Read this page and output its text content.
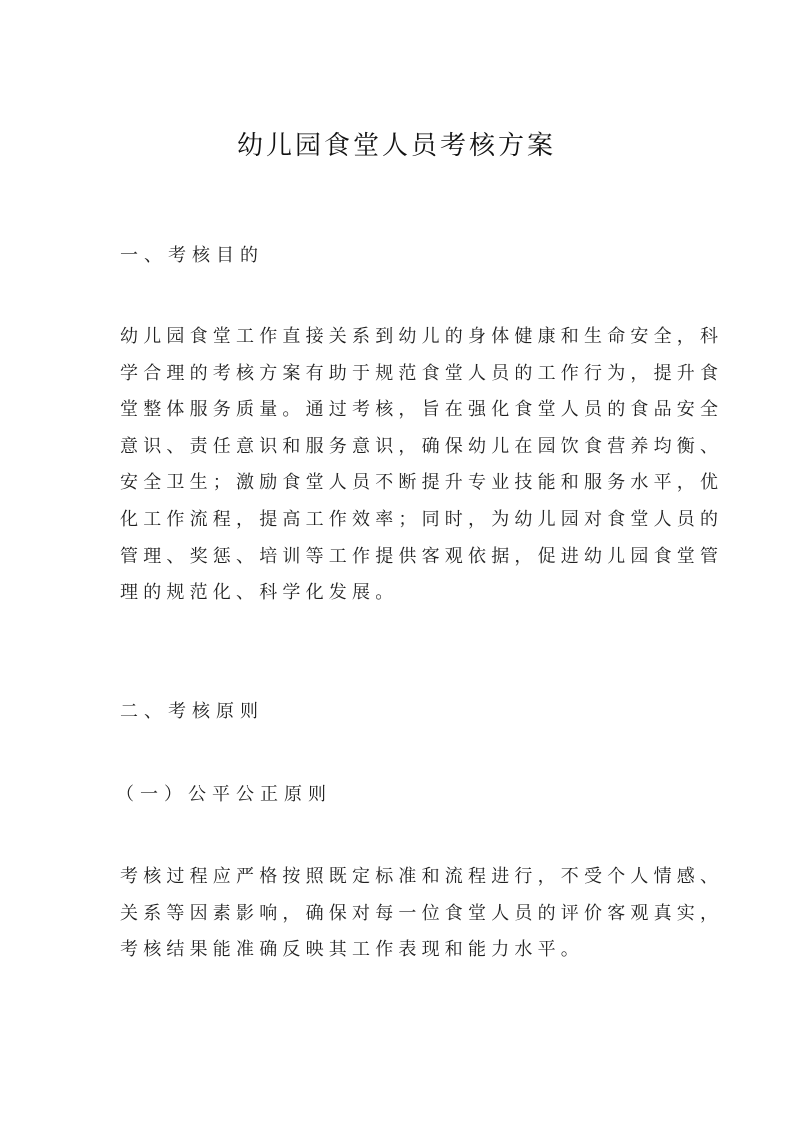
幼儿园食堂人员考核方案
一、考核目的

幼儿园食堂工作直接关系到幼儿的身体健康和生命安全，科
学合理的考核方案有助于规范食堂人员的工作行为，提升食
堂整体服务质量。通过考核，旨在强化食堂人员的食品安全
意识、责任意识和服务意识，确保幼儿在园饮食营养均衡、
安全卫生；激励食堂人员不断提升专业技能和服务水平，优
化工作流程，提高工作效率；同时，为幼儿园对食堂人员的
管理、奖惩、培训等工作提供客观依据，促进幼儿园食堂管
理的规范化、科学化发展。

二、考核原则
（一）公平公正原则

考核过程应严格按照既定标准和流程进行，不受个人情感、
关系等因素影响，确保对每一位食堂人员的评价客观真实，
考核结果能准确反映其工作表现和能力水平。
